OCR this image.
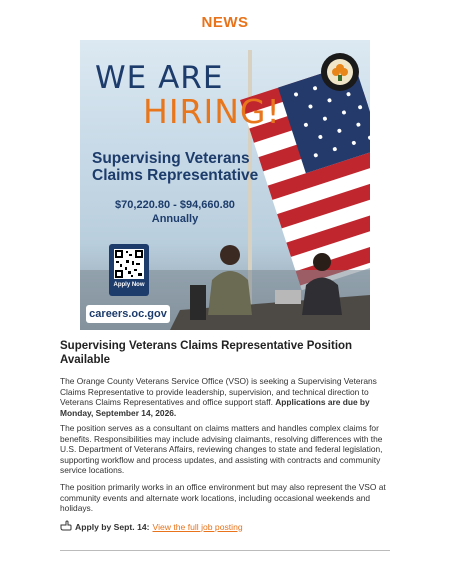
NEWS
WE ARE
HIRING!
Supervising Veterans Claims Representative
$70,220.80 - $94,660.80
Annually
Apply Now
careers.oc.gov
Supervising Veterans Claims Representative Position Available
The Orange County Veterans Service Office (VSO) is seeking a Supervising Veterans Claims Representative to provide leadership, supervision, and technical direction to Veterans Claims Representatives and office support staff. Applications are due by Monday, September 14, 2026.
The position serves as a consultant on claims matters and handles complex claims for benefits. Responsibilities may include advising claimants, resolving differences with the U.S. Department of Veterans Affairs, reviewing changes to state and federal legislation, supporting workflow and process updates, and assisting with contracts and community service locations.
The position primarily works in an office environment but may also represent the VSO at community events and alternate work locations, including occasional weekends and holidays.
Apply by Sept. 14: View the full job posting
